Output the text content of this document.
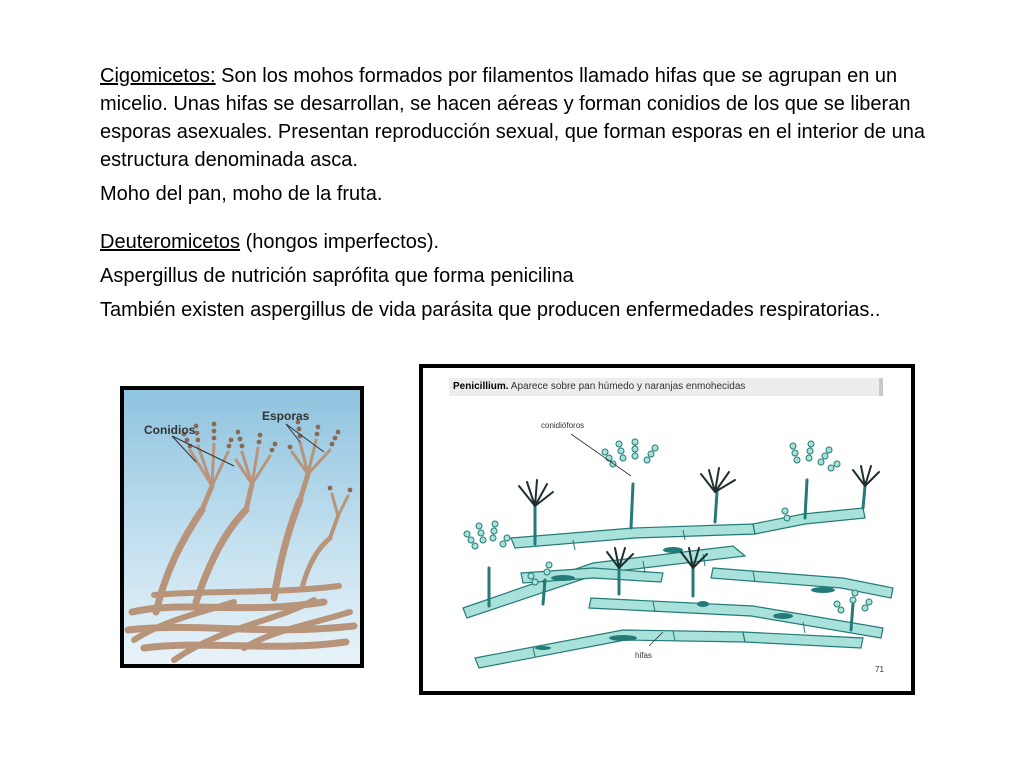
Cigomicetos: Son los mohos formados por filamentos llamado hifas que se agrupan en un micelio. Unas hifas se desarrollan, se hacen aéreas y forman conidios de los que se liberan esporas asexuales. Presentan reproducción sexual, que forman esporas en el interior de una estructura denominada asca.

Moho del pan, moho de la fruta.

Deuteromicetos (hongos imperfectos).

Aspergillus de nutrición saprófita que forma penicilina

También existen aspergillus de vida parásita que producen enfermedades respiratorias..

Conidios
Esporas
Penicillium. Aparece sobre pan húmedo y naranjas enmohecidas
conidióforos
hifas
71
